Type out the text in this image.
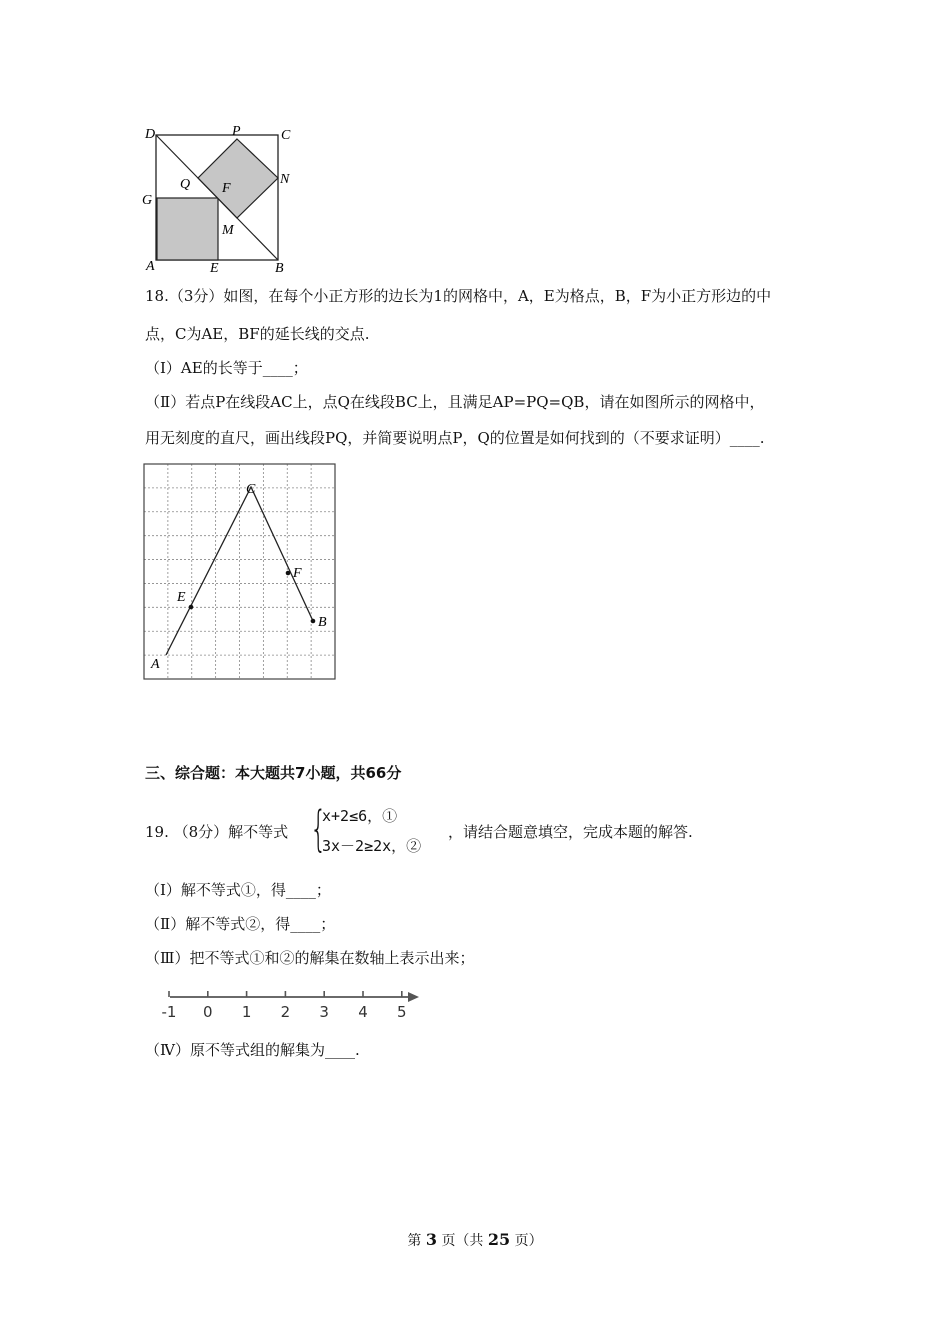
D	P	C
G
Q F
N
M
A	E	B
18.（3分）如图，在每个小正方形的边长为1的网格中，A，E为格点，B，F为小正方形边的中
点，C为AE，BF的延长线的交点.
（Ⅰ）AE的长等于____；
（Ⅱ）若点P在线段AC上，点Q在线段BC上，且满足AP=PQ=QB，请在如图所示的网格中，
用无刻度的直尺，画出线段PQ，并简要说明点P，Q的位置是如何找到的（不要求证明）____.
C
F
E
B
A
三、综合题：本大题共7小题，共66分
19. （8分）解不等式 {
x+2≤6，①
3x－2≥2x，②
，请结合题意填空，完成本题的解答.
（Ⅰ）解不等式①，得____；
（Ⅱ）解不等式②，得____；
（Ⅲ）把不等式①和②的解集在数轴上表示出来；
-1 0 1 2 3 4 5
（Ⅳ）原不等式组的解集为____.
第 3 页（共 25 页）
